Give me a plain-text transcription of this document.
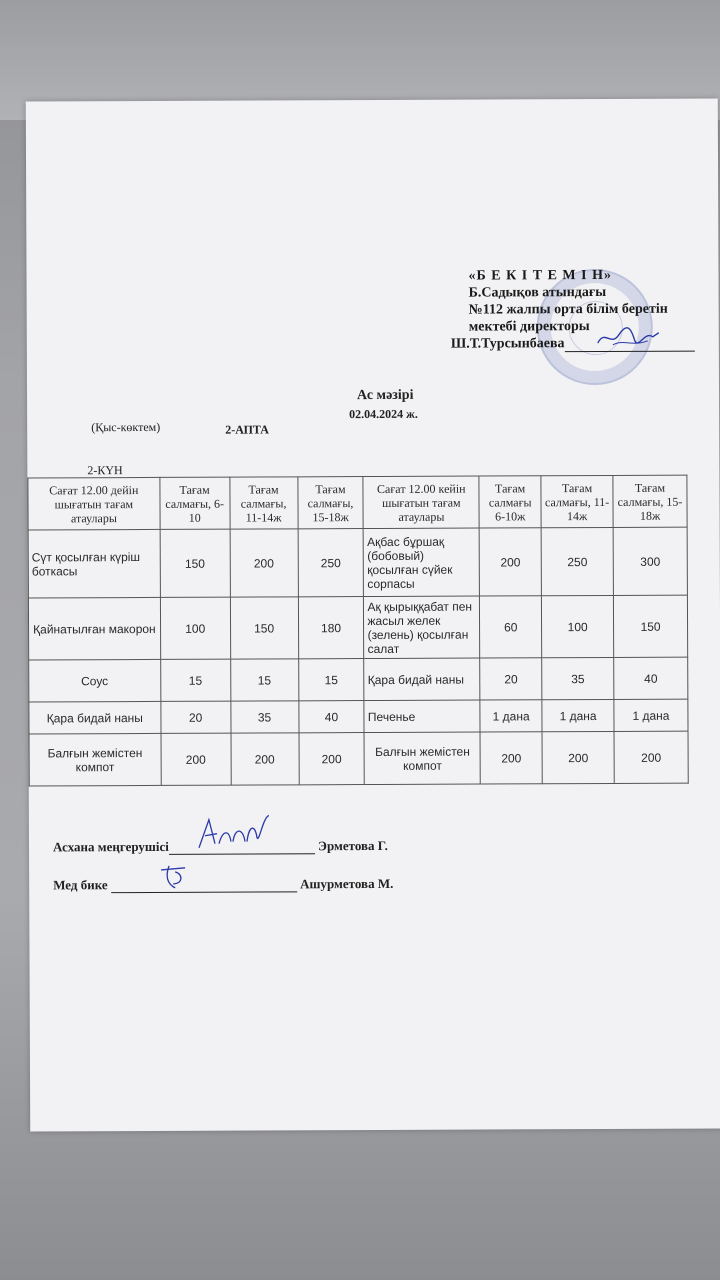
«Б Е К І Т Е М І Н»
Б.Садықов атындағы
№112 жалпы орта білім беретін
мектебі директоры
Ш.Т.Турсынбаева
Ас мәзірі
02.04.2024 ж.
(Қыс-көктем)	2-АПТА
2-КҮН
Сағат 12.00 дейін шығатын тағам атаулары	Тағам салмағы, 6-10	Тағам салмағы, 11-14ж	Тағам салмағы, 15-18ж	Сағат 12.00 кейін шығатын тағам атаулары	Тағам салмағы 6-10ж	Тағам салмағы, 11-14ж	Тағам салмағы, 15-18ж
Сүт қосылған күріш боткасы	150	200	250	Ақбас бұршақ (бобовый) қосылған сүйек сорпасы	200	250	300
Қайнатылған макорон	100	150	180	Ақ қырыққабат пен жасыл желек (зелень) қосылған салат	60	100	150
Соус	15	15	15	Қара бидай наны	20	35	40
Қара бидай наны	20	35	40	Печенье	1 дана	1 дана	1 дана
Балғын жемістен компот	200	200	200	Балғын жемістен компот	200	200	200
Асхана меңгерушісі	Эрметова Г.
Мед бике	Ашурметова М.
